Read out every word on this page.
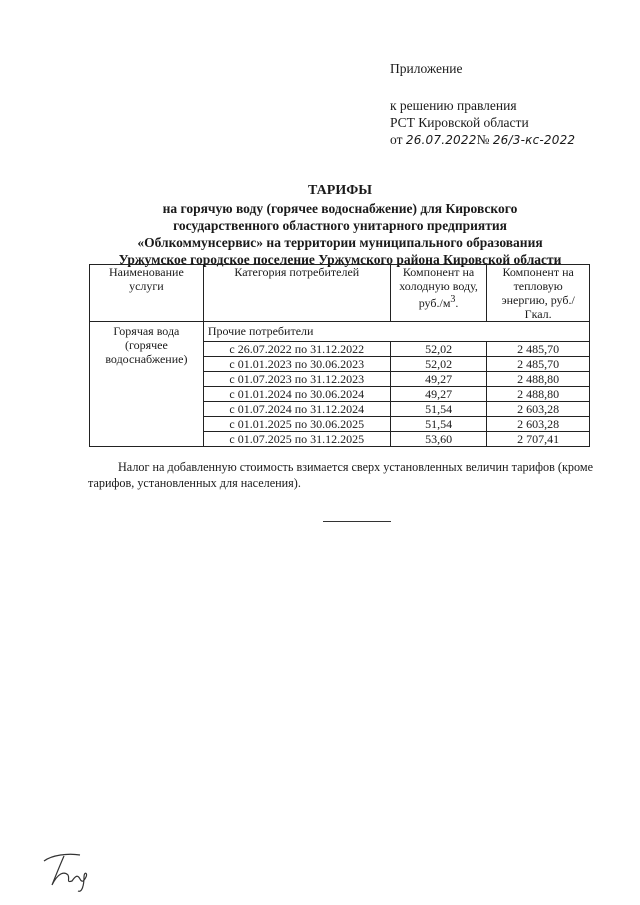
Приложение
к решению правления
РСТ Кировской области
от 26.07.2022№ 26/3-кс-2022
ТАРИФЫ
на горячую воду (горячее водоснабжение) для Кировского
государственного областного унитарного предприятия
«Облкоммунсервис» на территории муниципального образования
Уржумское городское поселение Уржумского района Кировской области
Наименование услуги	Категория потребителей	Компонент на холодную воду, $руб./м^3$.	Компонент на тепловую энергию, руб./Гкал.
Горячая вода (горячее водоснабжение)	Прочие потребители		
	с 26.07.2022 по 31.12.2022	52,02	2 485,70
	с 01.01.2023 по 30.06.2023	52,02	2 485,70
	с 01.07.2023 по 31.12.2023	49,27	2 488,80
	с 01.01.2024 по 30.06.2024	49,27	2 488,80
	с 01.07.2024 по 31.12.2024	51,54	2 603,28
	с 01.01.2025 по 30.06.2025	51,54	2 603,28
	с 01.07.2025 по 31.12.2025	53,60	2 707,41
Налог на добавленную стоимость взимается сверх установленных величин тарифов (кроме тарифов, установленных для населения).
